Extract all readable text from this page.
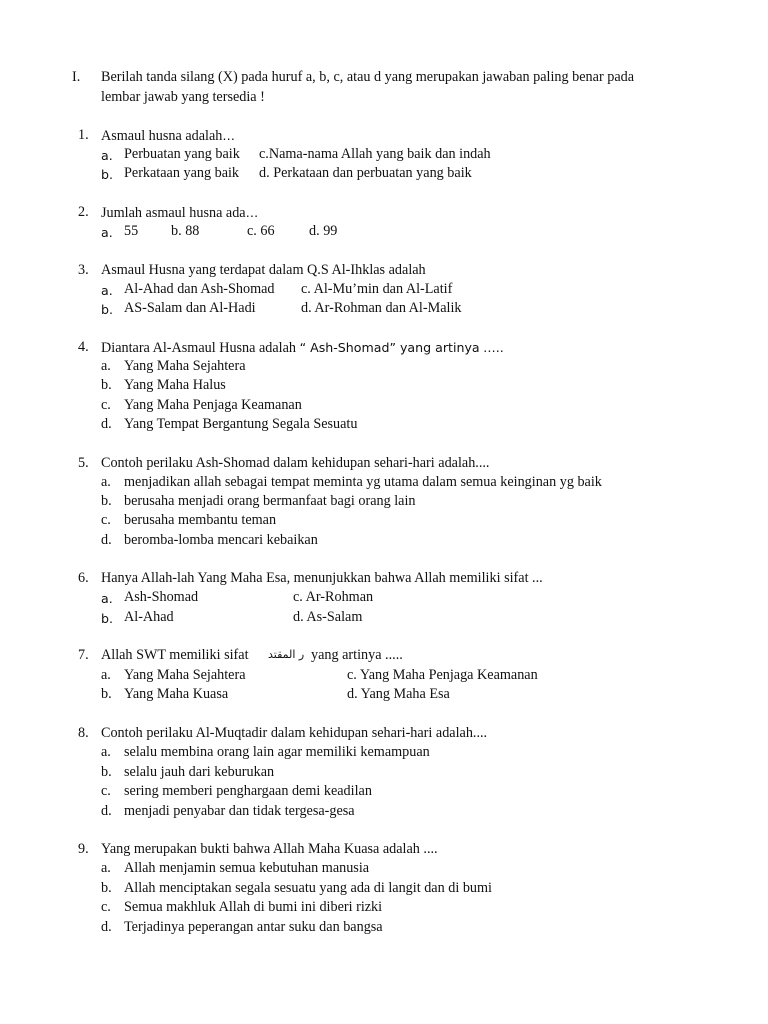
I. Berilah tanda silang (X) pada huruf a, b, c, atau d yang merupakan jawaban paling benar pada
lembar jawab yang tersedia !
1. Asmaul husna adalah…
a. Perbuatan yang baik c.Nama-nama Allah yang baik dan indah
b. Perkataan yang baik d. Perkataan dan perbuatan yang baik
2. Jumlah asmaul husna ada…
a. 55 b. 88	c. 66 d. 99
3. Asmaul Husna yang terdapat dalam Q.S Al-Ihklas adalah
a. Al-Ahad dan Ash-Shomad c. Al-Mu’min dan Al-Latif
b. AS-Salam dan Al-Hadi	d. Ar-Rohman dan Al-Malik
4. Diantara Al-Asmaul Husna adalah “ Ash-Shomad” yang artinya …..
a. Yang Maha Sejahtera
b. Yang Maha Halus
c. Yang Maha Penjaga Keamanan
d. Yang Tempat Bergantung Segala Sesuatu
5. Contoh perilaku Ash-Shomad dalam kehidupan sehari-hari adalah....
a. menjadikan allah sebagai tempat meminta yg utama dalam semua keinginan yg baik
b. berusaha menjadi orang bermanfaat bagi orang lain
c. berusaha membantu teman
d. beromba-lomba mencari kebaikan
6. Hanya Allah-lah Yang Maha Esa, menunjukkan bahwa Allah memiliki sifat ...
a. Ash-Shomad	c. Ar-Rohman
b. Al-Ahad	d. As-Salam
7. Allah SWT memiliki sifat ر المقتد yang artinya .....
a. Yang Maha Sejahtera	c. Yang Maha Penjaga Keamanan
b. Yang Maha Kuasa	d. Yang Maha Esa
8. Contoh perilaku Al-Muqtadir dalam kehidupan sehari-hari adalah....
a. selalu membina orang lain agar memiliki kemampuan
b. selalu jauh dari keburukan
c. sering memberi penghargaan demi keadilan
d. menjadi penyabar dan tidak tergesa-gesa
9. Yang merupakan bukti bahwa Allah Maha Kuasa adalah ....
a. Allah menjamin semua kebutuhan manusia
b. Allah menciptakan segala sesuatu yang ada di langit dan di bumi
c. Semua makhluk Allah di bumi ini diberi rizki
d. Terjadinya peperangan antar suku dan bangsa
